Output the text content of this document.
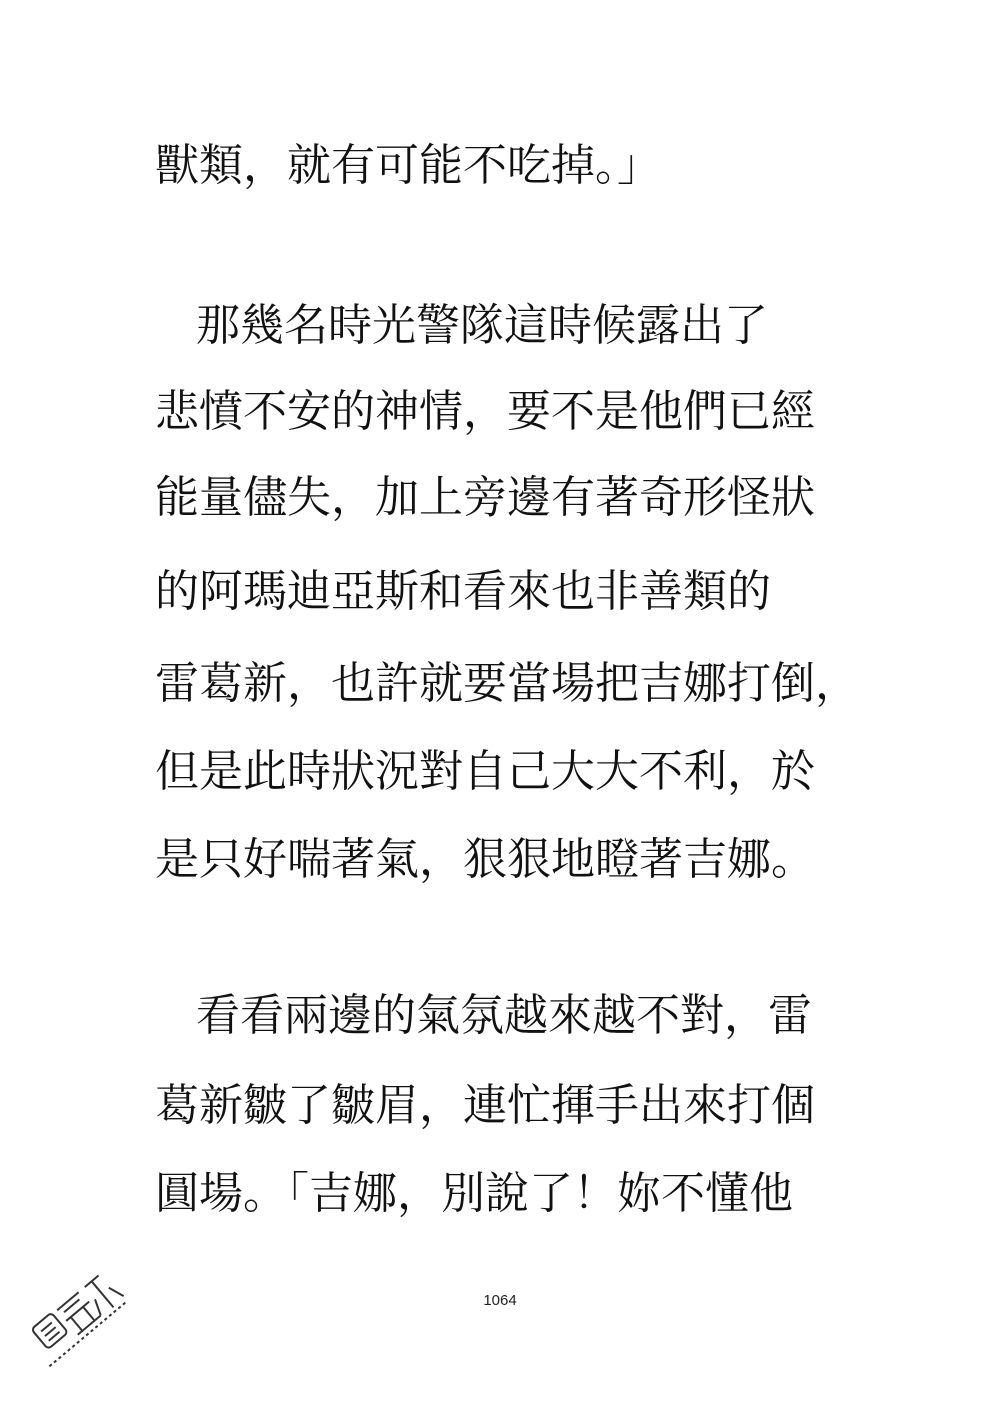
獸類，就有可能不吃掉。」
那幾名時光警隊這時候露出了
悲憤不安的神情，要不是他們已經
能量儘失，加上旁邊有著奇形怪狀
的阿瑪迪亞斯和看來也非善類的
雷葛新，也許就要當場把吉娜打倒，
但是此時狀況對自己大大不利，於
是只好喘著氣，狠狠地瞪著吉娜。
看看兩邊的氣氛越來越不對，雷
葛新皺了皺眉，連忙揮手出來打個
圓場。「吉娜，別說了！妳不懂他
1064
